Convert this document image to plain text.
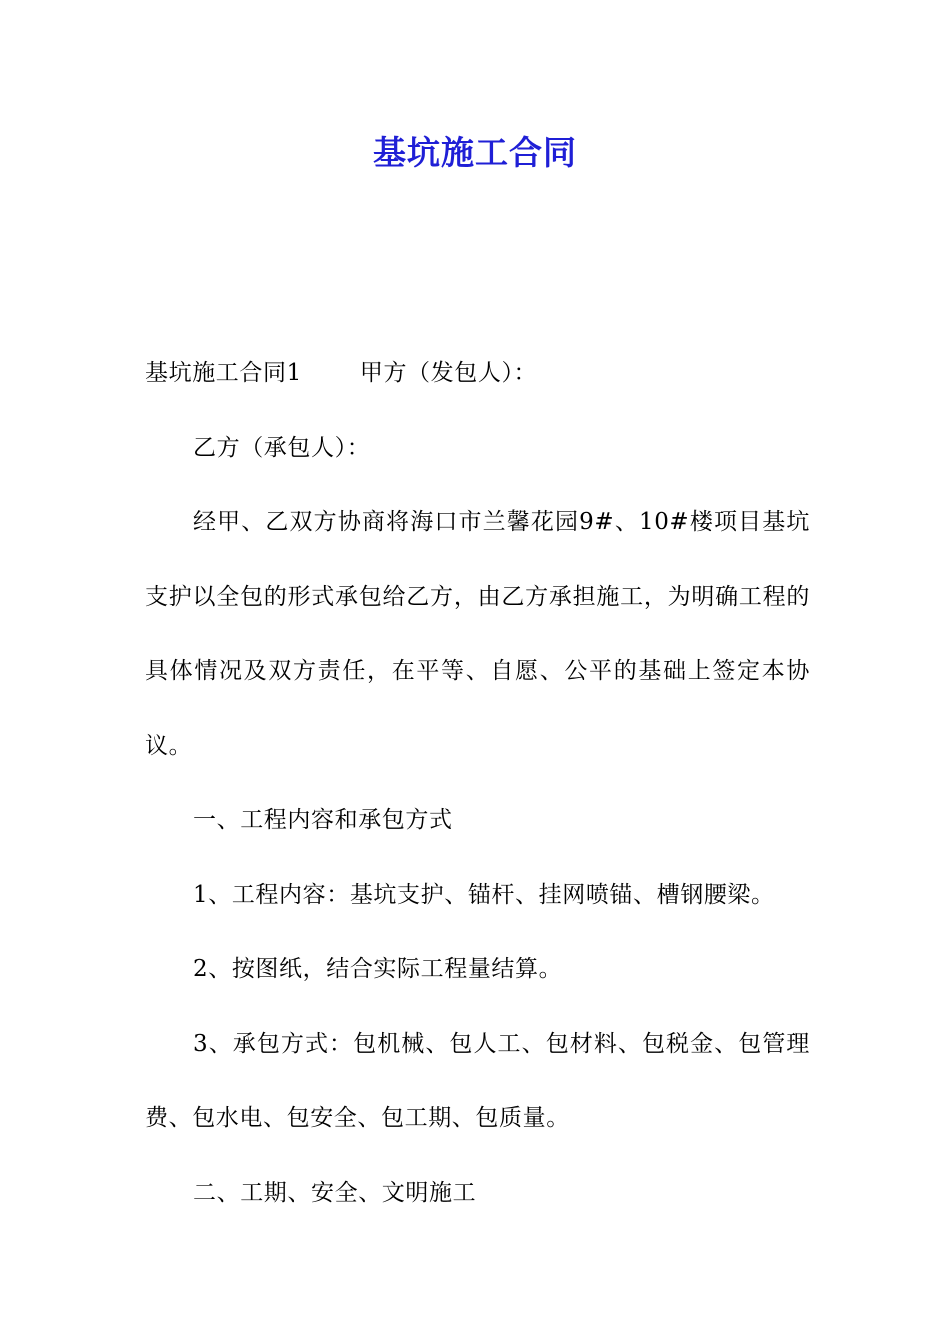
基坑施工合同

基坑施工合同1	甲方（发包人）：

乙方（承包人）：

经甲、乙双方协商将海口市兰馨花园9#、10#楼项目基坑支护以全包的形式承包给乙方，由乙方承担施工，为明确工程的具体情况及双方责任，在平等、自愿、公平的基础上签定本协议。

一、工程内容和承包方式

1、工程内容：基坑支护、锚杆、挂网喷锚、槽钢腰梁。

2、按图纸，结合实际工程量结算。

3、承包方式：包机械、包人工、包材料、包税金、包管理费、包水电、包安全、包工期、包质量。

二、工期、安全、文明施工
